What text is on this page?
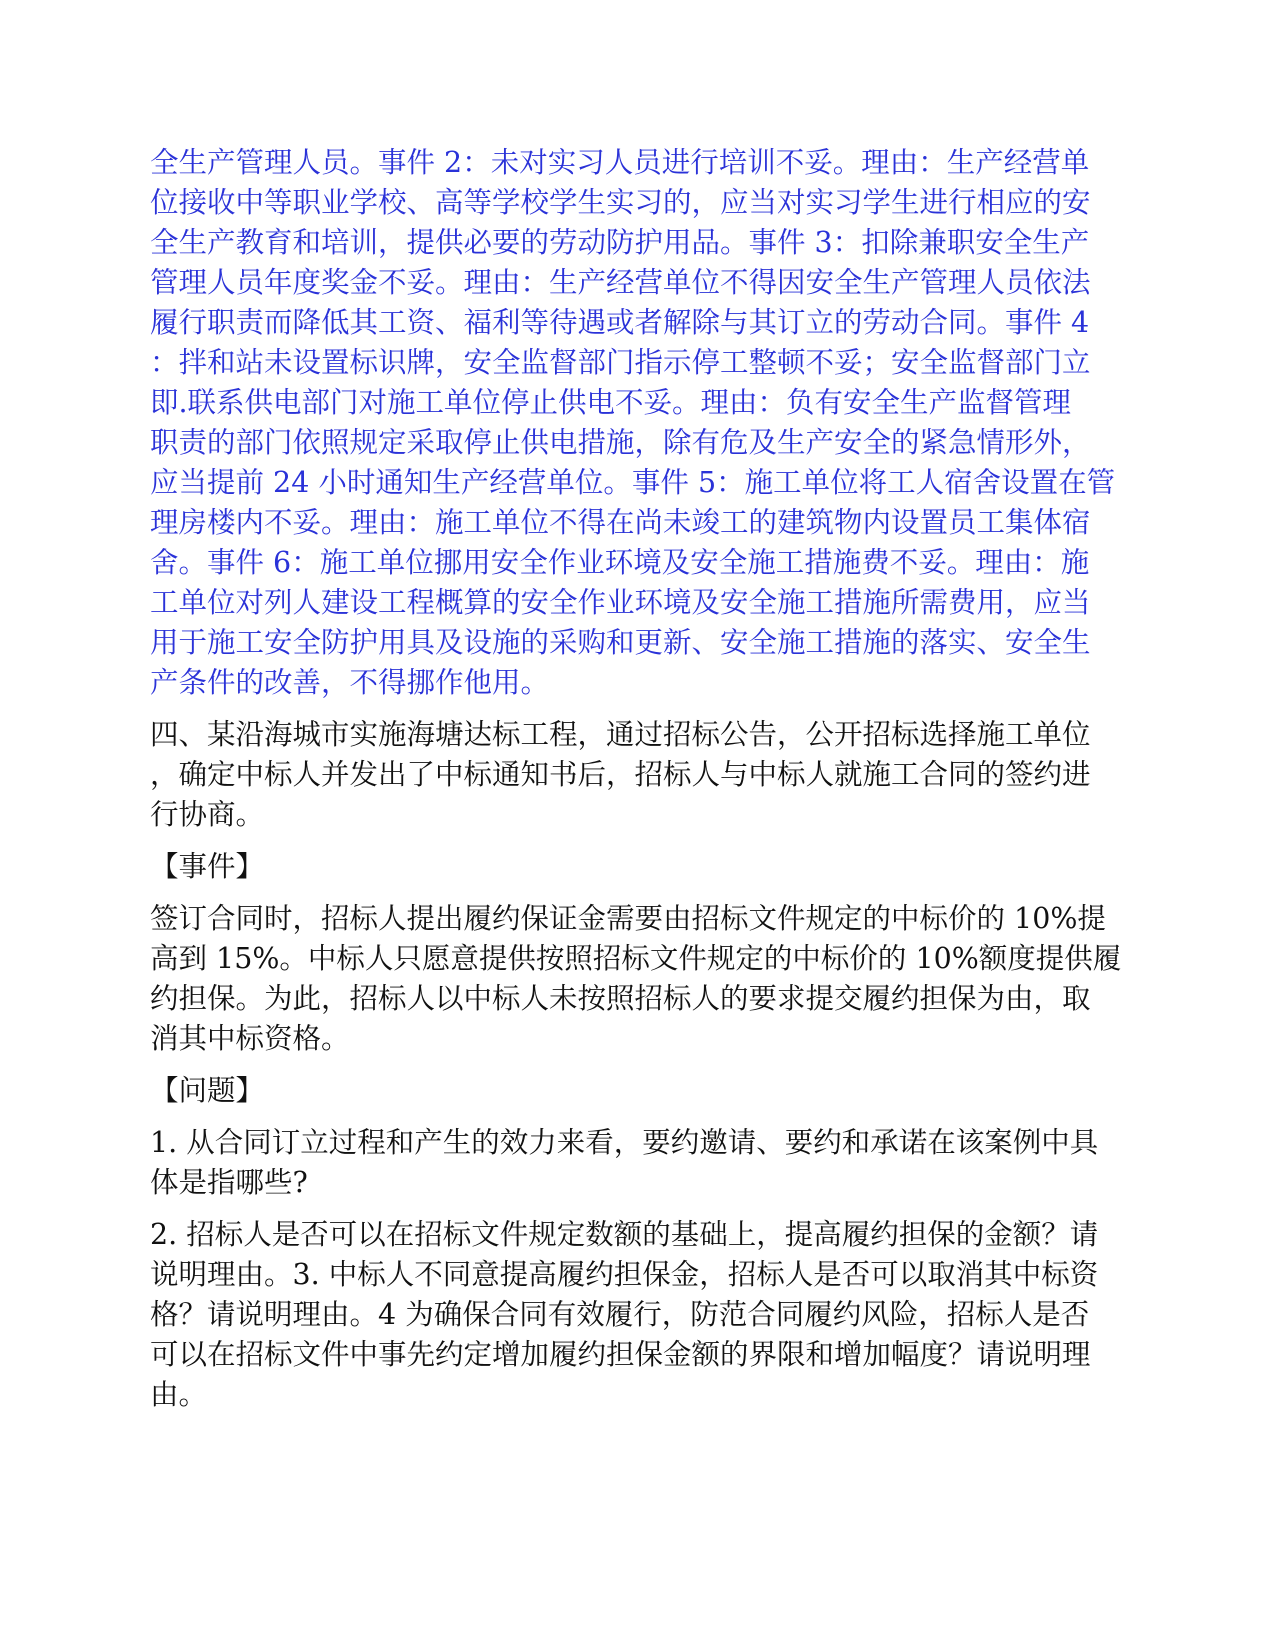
全生产管理人员。事件 2：未对实习人员进行培训不妥。理由：生产经营单
位接收中等职业学校、高等学校学生实习的，应当对实习学生进行相应的安
全生产教育和培训，提供必要的劳动防护用品。事件 3：扣除兼职安全生产
管理人员年度奖金不妥。理由：生产经营单位不得因安全生产管理人员依法
履行职责而降低其工资、福利等待遇或者解除与其订立的劳动合同。事件 4
：拌和站未设置标识牌，安全监督部门指示停工整顿不妥；安全监督部门立
即.联系供电部门对施工单位停止供电不妥。理由：负有安全生产监督管理
职责的部门依照规定采取停止供电措施，除有危及生产安全的紧急情形外，
应当提前 24 小时通知生产经营单位。事件 5：施工单位将工人宿舍设置在管
理房楼内不妥。理由：施工单位不得在尚未竣工的建筑物内设置员工集体宿
舍。事件 6：施工单位挪用安全作业环境及安全施工措施费不妥。理由：施
工单位对列人建设工程概算的安全作业环境及安全施工措施所需费用，应当
用于施工安全防护用具及设施的采购和更新、安全施工措施的落实、安全生
产条件的改善，不得挪作他用。
四、某沿海城市实施海塘达标工程，通过招标公告，公开招标选择施工单位
，确定中标人并发出了中标通知书后，招标人与中标人就施工合同的签约进
行协商。
【事件】
签订合同时，招标人提出履约保证金需要由招标文件规定的中标价的 10%提
高到 15%。中标人只愿意提供按照招标文件规定的中标价的 10%额度提供履
约担保。为此，招标人以中标人未按照招标人的要求提交履约担保为由，取
消其中标资格。
【问题】
1. 从合同订立过程和产生的效力来看，要约邀请、要约和承诺在该案例中具
体是指哪些?
2. 招标人是否可以在招标文件规定数额的基础上，提高履约担保的金额？请
说明理由。3. 中标人不同意提高履约担保金，招标人是否可以取消其中标资
格？请说明理由。4 为确保合同有效履行，防范合同履约风险，招标人是否
可以在招标文件中事先约定增加履约担保金额的界限和增加幅度？请说明理
由。
